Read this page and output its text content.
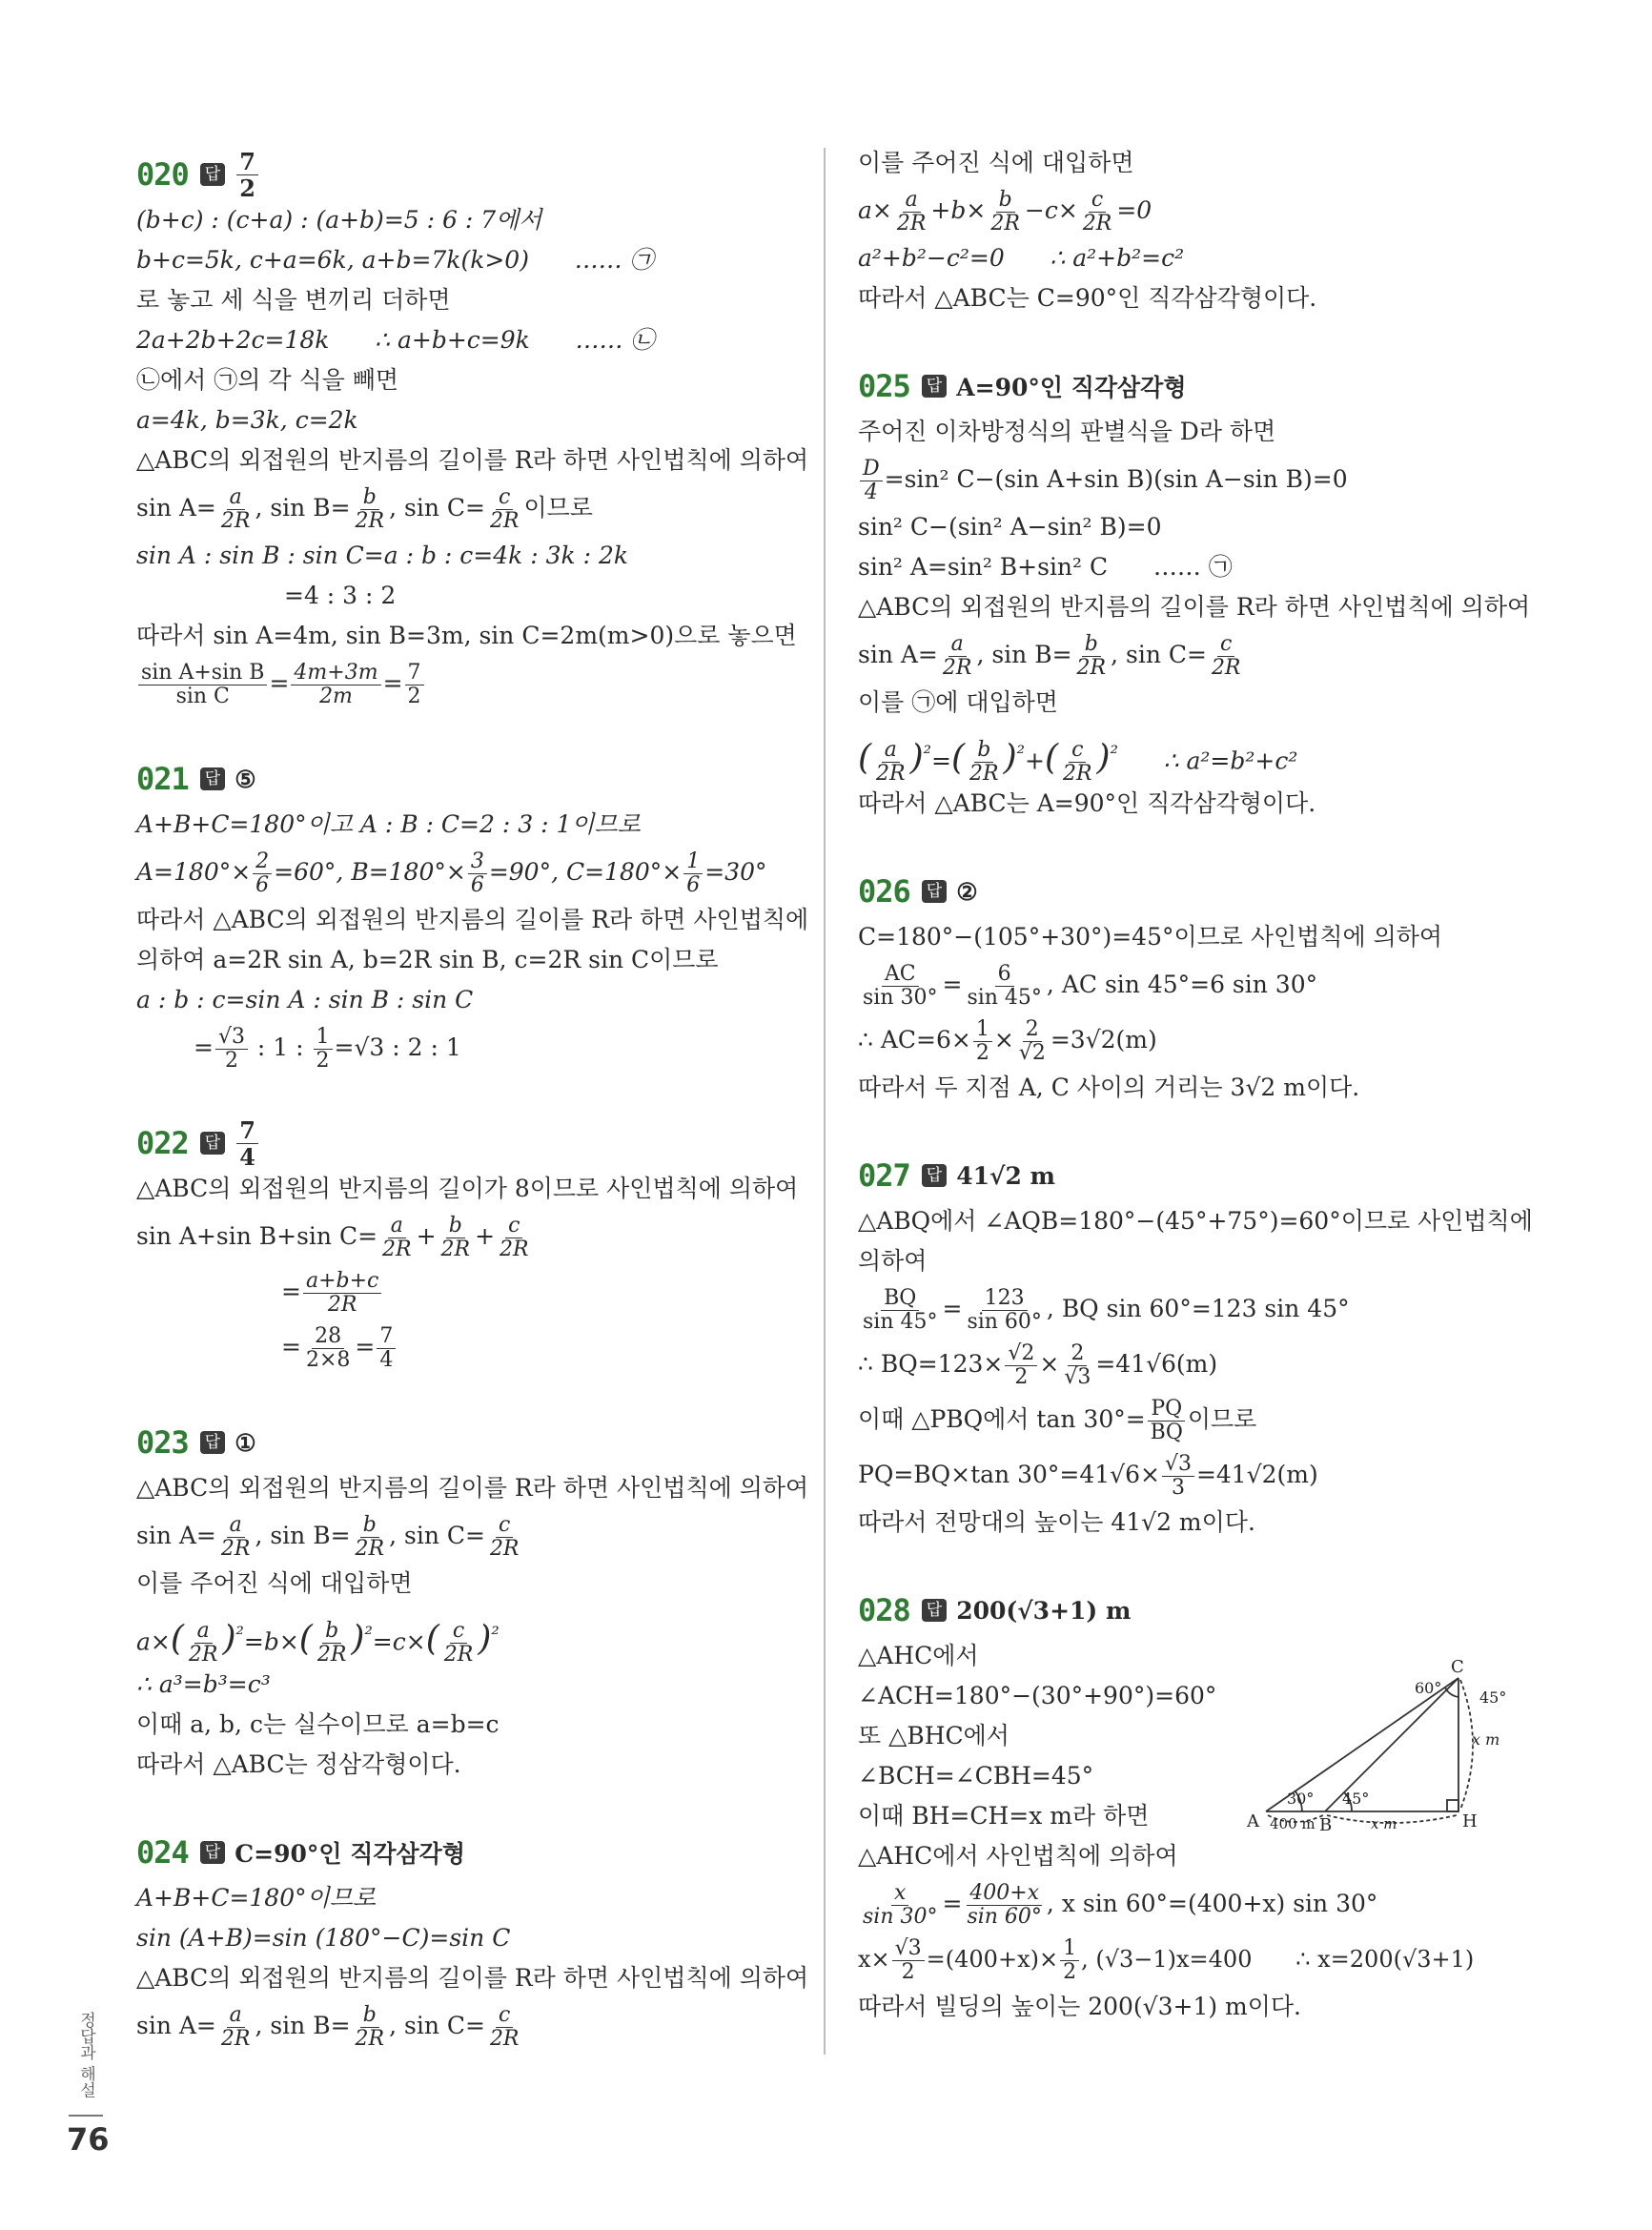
020 답 $\frac{7}{2}$
(b+c) : (c+a) : (a+b)=5 : 6 : 7에서
b+c=5k, c+a=6k, a+b=7k(k>0)      …… ㉠
로 놓고 세 식을 변끼리 더하면
2a+2b+2c=18k      ∴ a+b+c=9k      …… ㉡
㉡에서 ㉠의 각 식을 빼면
a=4k, b=3k, c=2k
△ABC의 외접원의 반지름의 길이를 R라 하면 사인법칙에 의하여
$\sin A= \frac{a}{2R}$ , $\sin B= \frac{b}{2R}$ , $\sin C= \frac{c}{2R}$ 이므로
sin A : sin B : sin C=a : b : c=4k : 3k : 2k
=4 : 3 : 2
따라서 sin A=4m, sin B=3m, sin C=2m(m>0)으로 놓으면
$\frac{\text{sin A+sin B}}{\text{sin C}} = \frac{4m+3m}{2m} = \frac{7}{2}$
021 답 ⑤
A+B+C=180°이고 A : B : C=2 : 3 : 1이므로
$A=180^\circ\times \frac{2}{6} =60^\circ$, $B=180^\circ\times \frac{3}{6} =90^\circ$, $C=180^\circ\times \frac{1}{6} =30^\circ$
따라서 △ABC의 외접원의 반지름의 길이를 R라 하면 사인법칙에
의하여 a=2R sin A, b=2R sin B, c=2R sin C이므로
a : b : c=sin A : sin B : sin C
= $\frac{√3}{2}$ : 1 : $\frac{1}{2} =√3$ : 2 : 1
022 답 $\frac{7}{4}$
△ABC의 외접원의 반지름의 길이가 8이므로 사인법칙에 의하여
sin A+sin B+sin $C= \frac{a}{2R} + \frac{b}{2R} + \frac{c}{2R}$
= $\frac{a+b+c}{2R}$
= $\frac{28}{2\times 8} = \frac{7}{4}$
023 답 ①
△ABC의 외접원의 반지름의 길이를 R라 하면 사인법칙에 의하여
$\sin A= \frac{a}{2R}$ , $\sin B= \frac{b}{2R}$ , $\sin C= \frac{c}{2R}$
이를 주어진 식에 대입하면
$a\times( \frac{a}{2R} )^{^2}=b\times( \frac{b}{2R} )^{^2}=c\times( \frac{c}{2R} )^{^2}$
∴ a³=b³=c³
이때 a, b, c는 실수이므로 a=b=c
따라서 △ABC는 정삼각형이다.
024 답 C=90°인 직각삼각형
A+B+C=180°이므로
sin (A+B)=sin (180°−C)=sin C
△ABC의 외접원의 반지름의 길이를 R라 하면 사인법칙에 의하여
$\sin A= \frac{a}{2R}$ , $\sin B= \frac{b}{2R}$ , $\sin C= \frac{c}{2R}$
이를 주어진 식에 대입하면
$a\times \frac{a}{2R} +b\times \frac{b}{2R} -c\times \frac{c}{2R} =0$
a²+b²−c²=0      ∴ a²+b²=c²
따라서 △ABC는 C=90°인 직각삼각형이다.
025 답 A=90°인 직각삼각형
주어진 이차방정식의 판별식을 D라 하면
$\frac{D}{4} =\sin^2$ C−(sin A+sin B)(sin A−sin B)=0
sin² C−(sin² A−sin² B)=0
sin² A=sin² B+sin² C      …… ㉠
△ABC의 외접원의 반지름의 길이를 R라 하면 사인법칙에 의하여
$\sin A= \frac{a}{2R}$ , $\sin B= \frac{b}{2R}$ , $\sin C= \frac{c}{2R}$
이를 ㉠에 대입하면
( $\frac{a}{2R} )^{^2}=( \frac{b}{2R} )^{^2}+( \frac{c}{2R} )^{^2}$      ∴ a²=b²+c²
따라서 △ABC는 A=90°인 직각삼각형이다.
026 답 ②
C=180°−(105°+30°)=45°이므로 사인법칙에 의하여
$\frac{AC}{\sin 30^\circ} = \frac{6}{\sin 45^\circ}$ , AC sin 45°=6 sin 30°
∴ $AC=6\times \frac{1}{2} \times \frac{2}{√2} =3√2(m)$
따라서 두 지점 A, C 사이의 거리는 3√2 m이다.
027 답 41√2 m
△ABQ에서 ∠AQB=180°−(45°+75°)=60°이므로 사인법칙에
의하여
$\frac{BQ}{\sin 45^\circ} = \frac{123}{\sin 60^\circ}$ , BQ sin 60°=123 sin 45°
∴ $BQ=123\times \frac{√2}{2} \times \frac{2}{√3} =41√6(m)$
이때 △PBQ에서 $\tan 30^\circ= \frac{PQ}{BQ}$ 이므로
PQ=BQ×tan $30^\circ=41√6\times \frac{√3}{3} =41√2(m)$
따라서 전망대의 높이는 41√2 m이다.
028 답 200(√3+1) m
△AHC에서
∠ACH=180°−(30°+90°)=60°
또 △BHC에서
∠BCH=∠CBH=45°
이때 BH=CH=x m라 하면
△AHC에서 사인법칙에 의하여
$\frac{x}{\sin 30^\circ} = \frac{400+x}{\sin 60^\circ}$ , x sin 60°=(400+x) sin 30°
$x\times \frac{√3}{2} =(400+x)\times \frac{1}{2}$ , (√3−1)x=400      ∴ x=200(√3+1)
따라서 빌딩의 높이는 200(√3+1) m이다.
C
A	B	H
60°
45°
30° 45°
x m
400 m	x m
정답과 해설
76
